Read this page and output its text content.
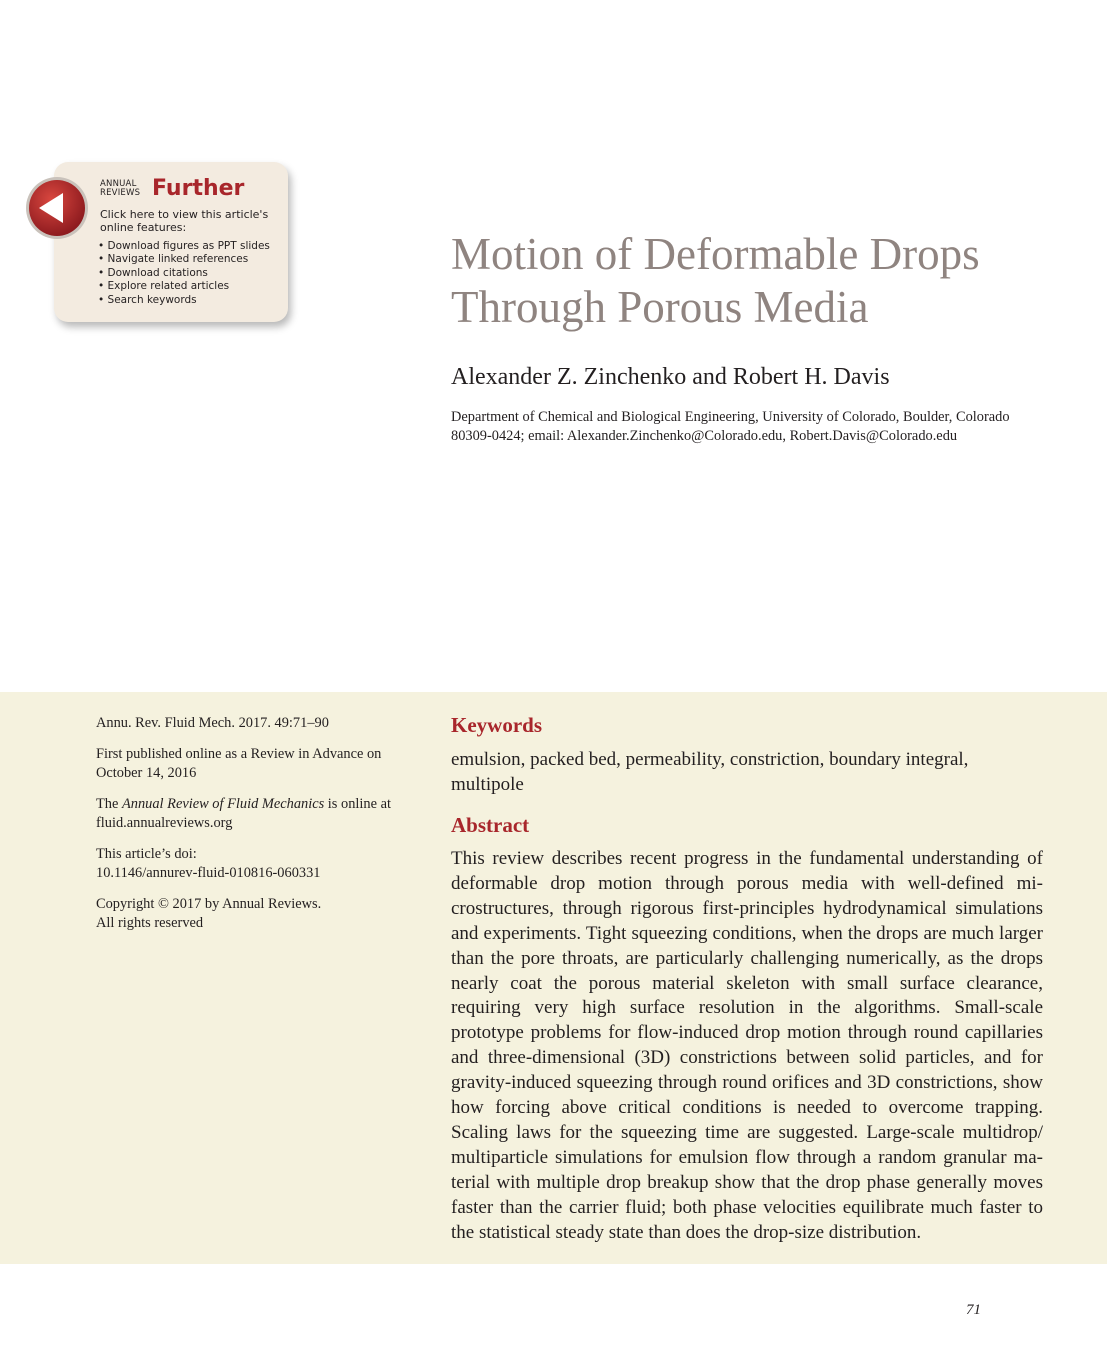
ANNUAL REVIEWS Further
Click here to view this article's online features:
• Download figures as PPT slides
• Navigate linked references
• Download citations
• Explore related articles
• Search keywords
Motion of Deformable Drops
Through Porous Media
Alexander Z. Zinchenko and Robert H. Davis
Department of Chemical and Biological Engineering, University of Colorado, Boulder, Colorado 80309-0424; email: Alexander.Zinchenko@Colorado.edu, Robert.Davis@Colorado.edu

Annu. Rev. Fluid Mech. 2017. 49:71–90

First published online as a Review in Advance on October 14, 2016

The Annual Review of Fluid Mechanics is online at fluid.annualreviews.org

This article’s doi:
10.1146/annurev-fluid-010816-060331

Copyright © 2017 by Annual Reviews.
All rights reserved

Keywords
emulsion, packed bed, permeability, constriction, boundary integral, multipole
Abstract
This review describes recent progress in the fundamental understanding of deformable drop motion through porous media with well-defined microstructures, through rigorous first-principles hydrodynamical simulations and experiments. Tight squeezing conditions, when the drops are much larger than the pore throats, are particularly challenging numerically, as the drops nearly coat the porous material skeleton with small surface clearance, requiring very high surface resolution in the algorithms. Small-scale prototype problems for flow-induced drop motion through round capillaries and three-dimensional (3D) constrictions between solid particles, and for gravity-induced squeezing through round orifices and 3D constrictions, show how forcing above critical conditions is needed to overcome trapping. Scaling laws for the squeezing time are suggested. Large-scale multidrop/ multiparticle simulations for emulsion flow through a random granular material with multiple drop breakup show that the drop phase generally moves faster than the carrier fluid; both phase velocities equilibrate much faster to the statistical steady state than does the drop-size distribution.
71
